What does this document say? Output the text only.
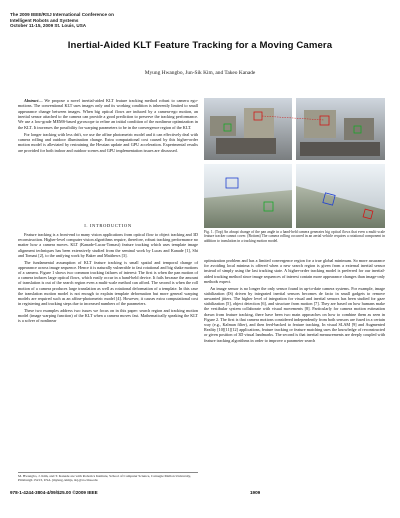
The 2009 IEEE/RSJ International Conference on
Intelligent Robots and Systems
October 11-15, 2009 St. Louis, USA
Inertial-Aided KLT Feature Tracking for a Moving Camera
Myung Hwangbo, Jun-Sik Kim, and Takeo Kanade

Abstract— We propose a novel inertial-aided KLT feature tracking method robust to camera ego-motions. The conventional KLT uses images only and its working condition is inherently limited to small appearance change between images. When big optical flows are induced by a camera-ego motion, an inertial sensor attached to the camera can provide a good prediction to preserve the tracking performance. We use a low-grade MEMS-based gyroscope to refine an initial condition of the nonlinear optimization in the KLT. It increases the possibility for warping parameters to be in the convergence region of the KLT.

For longer tracking with less drift, we use the affine photometric model and it can effectively deal with camera rolling and outdoor illumination change. Extra computational cost caused by this higher-order motion model is alleviated by restraining the Hessian update and GPU acceleration. Experimental results are provided for both indoor and outdoor scenes and GPU implementation issues are discussed.

I. INTRODUCTION

Feature tracking is a front-end to many vision applications from optical flow to object tracking and 3D reconstruction. Higher-level computer vision algorithms require, therefore, robust tracking performance no matter how a camera moves. KLT (Kanade-Lucas-Tomasi) feature tracking which uses template image alignment techniques has been extensively studied from the seminal work by Lucas and Kanade [1], Shi and Tomasi [2], to the unifying work by Baker and Matthews [3].

The fundamental assumption of KLT feature tracking is small spatial and temporal change of appearance across image sequence. Hence it is naturally vulnerable to fast rotational and big shake motions of a camera. Figure 1 shows two common tracking failures of interest: The first is when the pan motion of a camera induces large optical flows, which easily occur in a hand-held device. It fails because the amount of translation is out of the search region even a multi-scale method can afford. The second is when the roll motion of a camera produces large translation as well as rotational deformation of a template. In this case the translation motion model is not enough to explain template deformation but more general warping models are required such as an affine-photometric model [4]. However, it causes extra computational cost in registering and tracking steps due to increased numbers of the parameters.

These two examples address two issues we focus on in this paper: search region and tracking motion model (image warping function) of the KLT when a camera moves fast. Mathematically speaking the KLT is a solver of nonlinear

M. Hwangbo, J. Kim, and T. Kanade are with Robotics Institute, School of Computer Science, Carnegie Mellon University, Pittsburgh 15213, USA {myung, kimjs, tk}@cs.cmu.edu
Fig. 1. (Top) An abrupt change of the pan angle in a hand-held camera generates big optical flows that even a multi-scale feature tracker cannot cover. (Bottom) The camera rolling occurred in an aerial vehicle requires a rotational component in addition to translation in a tracking motion model.

optimization problem and has a limited convergence region for a true global minimum. So more assurance for avoiding local minima is offered when a new search region is given from a external inertial sensor instead of simply using the last tracking state. A higher-order tracking model is preferred for our inertial-aided tracking method since image sequences of interest contain more appearance changes than image-only methods expect.

An image sensor is no longer the only sensor found in up-to-date camera systems. For example, image stabilization (IS) driven by integrated inertial sensors becomes de facto in small gadgets to remove unwanted jitters. The higher level of integration for visual and inertial sensors has been studied for gaze stabilization [5], object detection [6], and structure from motion [7]. They are based on how humans make the vestibular system collaborate with visual movements [8]. Particularly for camera motion estimation drawn from feature tracking, there have been two main approaches on how to combine them as seen in Figure 2. The first is that camera motions considered independently from both sensors are fused in a certain way (e.g., Kalman filter), and then feed-backed to feature tracking. In visual SLAM [9] and Augmented Reality [10][11][12] applications, feature tracking or feature matching uses the knowledge of reconstructed or given position of 3D visual landmarks. The second is that inertial measurements are deeply coupled with feature tracking algorithms in order to improve a parameter search

978-1-4244-3804-4/09/$25.00 ©2009 IEEE	1909
